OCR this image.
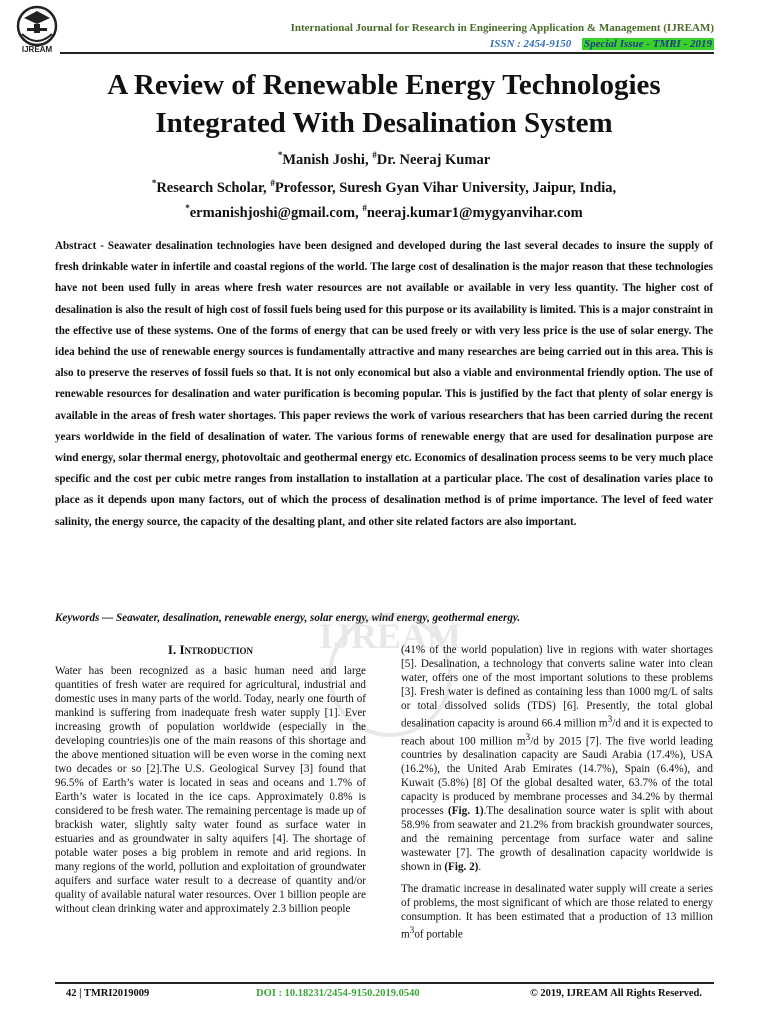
IJREAM
International Journal for Research in Engineering Application & Management (IJREAM)
ISSN : 2454-9150 Special Issue - TMRI - 2019
A Review of Renewable Energy Technologies
Integrated With Desalination System
*Manish Joshi, #Dr. Neeraj Kumar
*Research Scholar, #Professor, Suresh Gyan Vihar University, Jaipur, India,
*ermanishjoshi@gmail.com, #neeraj.kumar1@mygyanvihar.com
Abstract - Seawater desalination technologies have been designed and developed during the last several decades to insure the supply of fresh drinkable water in infertile and coastal regions of the world. The large cost of desalination is the major reason that these technologies have not been used fully in areas where fresh water resources are not available or available in very less quantity. The higher cost of desalination is also the result of high cost of fossil fuels being used for this purpose or its availability is limited. This is a major constraint in the effective use of these systems. One of the forms of energy that can be used freely or with very less price is the use of solar energy. The idea behind the use of renewable energy sources is fundamentally attractive and many researches are being carried out in this area. This is also to preserve the reserves of fossil fuels so that. It is not only economical but also a viable and environmental friendly option. The use of renewable resources for desalination and water purification is becoming popular. This is justified by the fact that plenty of solar energy is available in the areas of fresh water shortages. This paper reviews the work of various researchers that has been carried during the recent years worldwide in the field of desalination of water. The various forms of renewable energy that are used for desalination purpose are wind energy, solar thermal energy, photovoltaic and geothermal energy etc. Economics of desalination process seems to be very much place specific and the cost per cubic metre ranges from installation to installation at a particular place. The cost of desalination varies place to place as it depends upon many factors, out of which the process of desalination method is of prime importance. The level of feed water salinity, the energy source, the capacity of the desalting plant, and other site related factors are also important.
Keywords — Seawater, desalination, renewable energy, solar energy, wind energy, geothermal energy.
IJREAM
I. Introduction

Water has been recognized as a basic human need and large quantities of fresh water are required for agricultural, industrial and domestic uses in many parts of the world. Today, nearly one fourth of mankind is suffering from inadequate fresh water supply [1]. Ever increasing growth of population worldwide (especially in the developing countries)is one of the main reasons of this shortage and the above mentioned situation will be even worse in the coming next two decades or so [2].The U.S. Geological Survey [3] found that 96.5% of Earth’s water is located in seas and oceans and 1.7% of Earth’s water is located in the ice caps. Approximately 0.8% is considered to be fresh water. The remaining percentage is made up of brackish water, slightly salty water found as surface water in estuaries and as groundwater in salty aquifers [4]. The shortage of potable water poses a big problem in remote and arid regions. In many regions of the world, pollution and exploitation of groundwater aquifers and surface water result to a decrease of quantity and/or quality of available natural water resources. Over 1 billion people are without clean drinking water and approximately 2.3 billion people

(41% of the world population) live in regions with water shortages [5]. Desalination, a technology that converts saline water into clean water, offers one of the most important solutions to these problems [3]. Fresh water is defined as containing less than 1000 mg/L of salts or total dissolved solids (TDS) [6]. Presently, the total global desalination capacity is around 66.4 million $m^3/d$ and it is expected to reach about 100 million $m^3/d$ by 2015 [7]. The five world leading countries by desalination capacity are Saudi Arabia (17.4%), USA (16.2%), the United Arab Emirates (14.7%), Spain (6.4%), and Kuwait (5.8%) [8] Of the global desalted water, 63.7% of the total capacity is produced by membrane processes and 34.2% by thermal processes (Fig. 1).The desalination source water is split with about 58.9% from seawater and 21.2% from brackish groundwater sources, and the remaining percentage from surface water and saline wastewater [7]. The growth of desalination capacity worldwide is shown in (Fig. 2).

The dramatic increase in desalinated water supply will create a series of problems, the most significant of which are those related to energy consumption. It has been estimated that a production of 13 million $m^3of$ portable

42 | TMRI2019009	DOI : 10.18231/2454-9150.2019.0540	© 2019, IJREAM All Rights Reserved.
